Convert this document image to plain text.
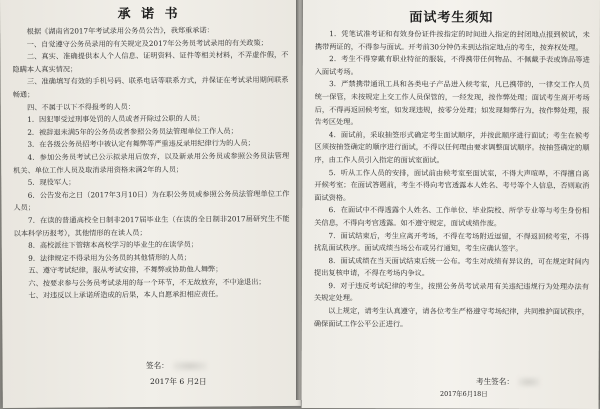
承 诺 书

根据《湖南省2017年考试录用公务员公告》，我郑重承诺：

一、自觉遵守公务员录用的有关规定及2017年公务员考试录用的有关政策；

二、真实、准确提供本人个人信息、证明资料、证件等相关材料，不弄虚作假，不隐瞒本人真实情况；

三、准确填写有效的手机号码、联系电话等联系方式，并保证在考试录用期间联系畅通；

四、不属于以下不得报考的人员：

1．因犯罪受过刑事处罚的人员或者开除过公职的人员；

2．被辞退未满5年的公务员或者参照公务员法管理单位工作人员；

3．在各级公务员招考中被认定有舞弊等严重违反录用纪律行为的人员；

4．参加公务员考试已公示拟录用后放弃，以及新录用公务员或参照公务员法管理机关、单位工作人员及取消录用资格未满2年的人员；

5．现役军人；

6．公告发布之日（2017年3月10日）为在职公务员或参照公务员法管理单位工作人员；

7．在读的普通高校全日制非2017届毕业生（在读的全日制非2017届研究生不能以本科学历报考），其他情形的在读人员；

8．高校派往下管辖本高校学习的毕业生的在读学员；

9．法律规定不得录用为公务员的其他情形的人员；

五、遵守考试纪律，服从考试安排，不舞弊或协助他人舞弊；

六、按要求参与公务员考试录用的每一个环节，不无故放弃，不中途退出；

七、对违反以上承诺所造成的后果，本人自愿承担相应责任。

面试考生须知

1．凭笔试准考证和有效身份证件按指定的时间进入指定的封闭地点报到候试，未携带两证的，不得参与面试。开考前30分钟仍未到达指定地点的考生，按弃权处理。

2．考生不得穿戴有职业特征的服装，不得携带任何物品、不佩戴手表或饰品等进入面试考场。

3．严禁携带通讯工具和各类电子产品进入候考室，凡已携带的，一律交工作人员统一保管，未按规定上交工作人员保管的，一经发现，按作弊处理；面试考生离开考场后，不得再返回候考室，如发现违规，按零分处理；如发现舞弊行为，按作弊处理，报告考区处理。

4．面试前，采取抽签形式确定考生面试顺序，并按此顺序进行面试；考生在候考区须按抽签确定的顺序进行面试，不得以任何理由要求调整面试顺序。按抽签确定的顺序，由工作人员引入指定的面试室面试。

5．听从工作人员的安排，面试前由候考室至面试室，不得大声喧哗，不得擅自离开候考室；在面试答题前，考生不得向考官透露本人姓名、考号等个人信息，否则取消面试资格。

6．在面试中不得透露个人姓名、工作单位、毕业院校、所学专业等与考生身份相关信息，不得向考官透露。如不遵守规定，面试成绩作废。

7．面试结束后，考生应离开考场，不得在考场附近逗留，不得返回候考室，不得扰乱面试秩序。面试成绩当场公布或另行通知，考生应确认签字。

8．面试成绩在当天面试结束后统一公布。考生对成绩有异议的，可在规定时间内提出复核申请，不得在考场内争议。

9．对于违反考试纪律的考生，按照公务员考试录用有关违纪违规行为处理办法有关规定处理。

以上规定，请考生认真遵守，请各位考生严格遵守考场纪律，共同维护面试秩序，确保面试工作公平公正进行。

签名：
2017年 6 月2日	考生签名：
2017年6月18日
